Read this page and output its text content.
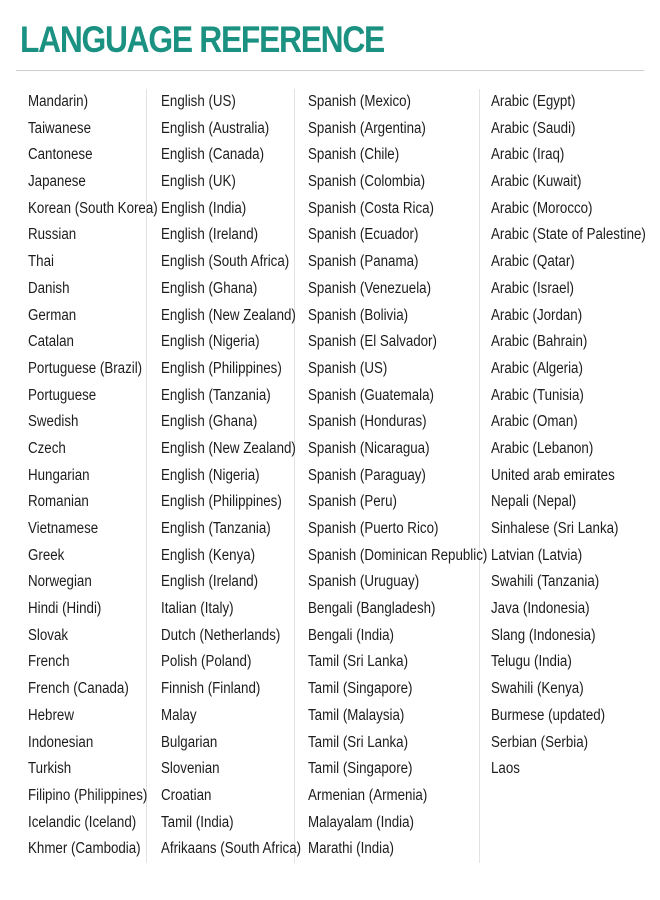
LANGUAGE REFERENCE
Mandarin)
Taiwanese
Cantonese
Japanese
Korean (South Korea)
Russian
Thai
Danish
German
Catalan
Portuguese (Brazil)
Portuguese
Swedish
Czech
Hungarian
Romanian
Vietnamese
Greek
Norwegian
Hindi (Hindi)
Slovak
French
French (Canada)
Hebrew
Indonesian
Turkish
Filipino (Philippines)
Icelandic (Iceland)
Khmer (Cambodia)
English (US)
English (Australia)
English (Canada)
English (UK)
English (India)
English (Ireland)
English (South Africa)
English (Ghana)
English (New Zealand)
English (Nigeria)
English (Philippines)
English (Tanzania)
English (Ghana)
English (New Zealand)
English (Nigeria)
English (Philippines)
English (Tanzania)
English (Kenya)
English (Ireland)
Italian (Italy)
Dutch (Netherlands)
Polish (Poland)
Finnish (Finland)
Malay
Bulgarian
Slovenian
Croatian
Tamil (India)
Afrikaans (South Africa)
Spanish (Mexico)
Spanish (Argentina)
Spanish (Chile)
Spanish (Colombia)
Spanish (Costa Rica)
Spanish (Ecuador)
Spanish (Panama)
Spanish (Venezuela)
Spanish (Bolivia)
Spanish (El Salvador)
Spanish (US)
Spanish (Guatemala)
Spanish (Honduras)
Spanish (Nicaragua)
Spanish (Paraguay)
Spanish (Peru)
Spanish (Puerto Rico)
Spanish (Dominican Republic)
Spanish (Uruguay)
Bengali (Bangladesh)
Bengali (India)
Tamil (Sri Lanka)
Tamil (Singapore)
Tamil (Malaysia)
Tamil (Sri Lanka)
Tamil (Singapore)
Armenian (Armenia)
Malayalam (India)
Marathi (India)
Arabic (Egypt)
Arabic (Saudi)
Arabic (Iraq)
Arabic (Kuwait)
Arabic (Morocco)
Arabic (State of Palestine)
Arabic (Qatar)
Arabic (Israel)
Arabic (Jordan)
Arabic (Bahrain)
Arabic (Algeria)
Arabic (Tunisia)
Arabic (Oman)
Arabic (Lebanon)
United arab emirates
Nepali (Nepal)
Sinhalese (Sri Lanka)
Latvian (Latvia)
Swahili (Tanzania)
Java (Indonesia)
Slang (Indonesia)
Telugu (India)
Swahili (Kenya)
Burmese (updated)
Serbian (Serbia)
Laos
